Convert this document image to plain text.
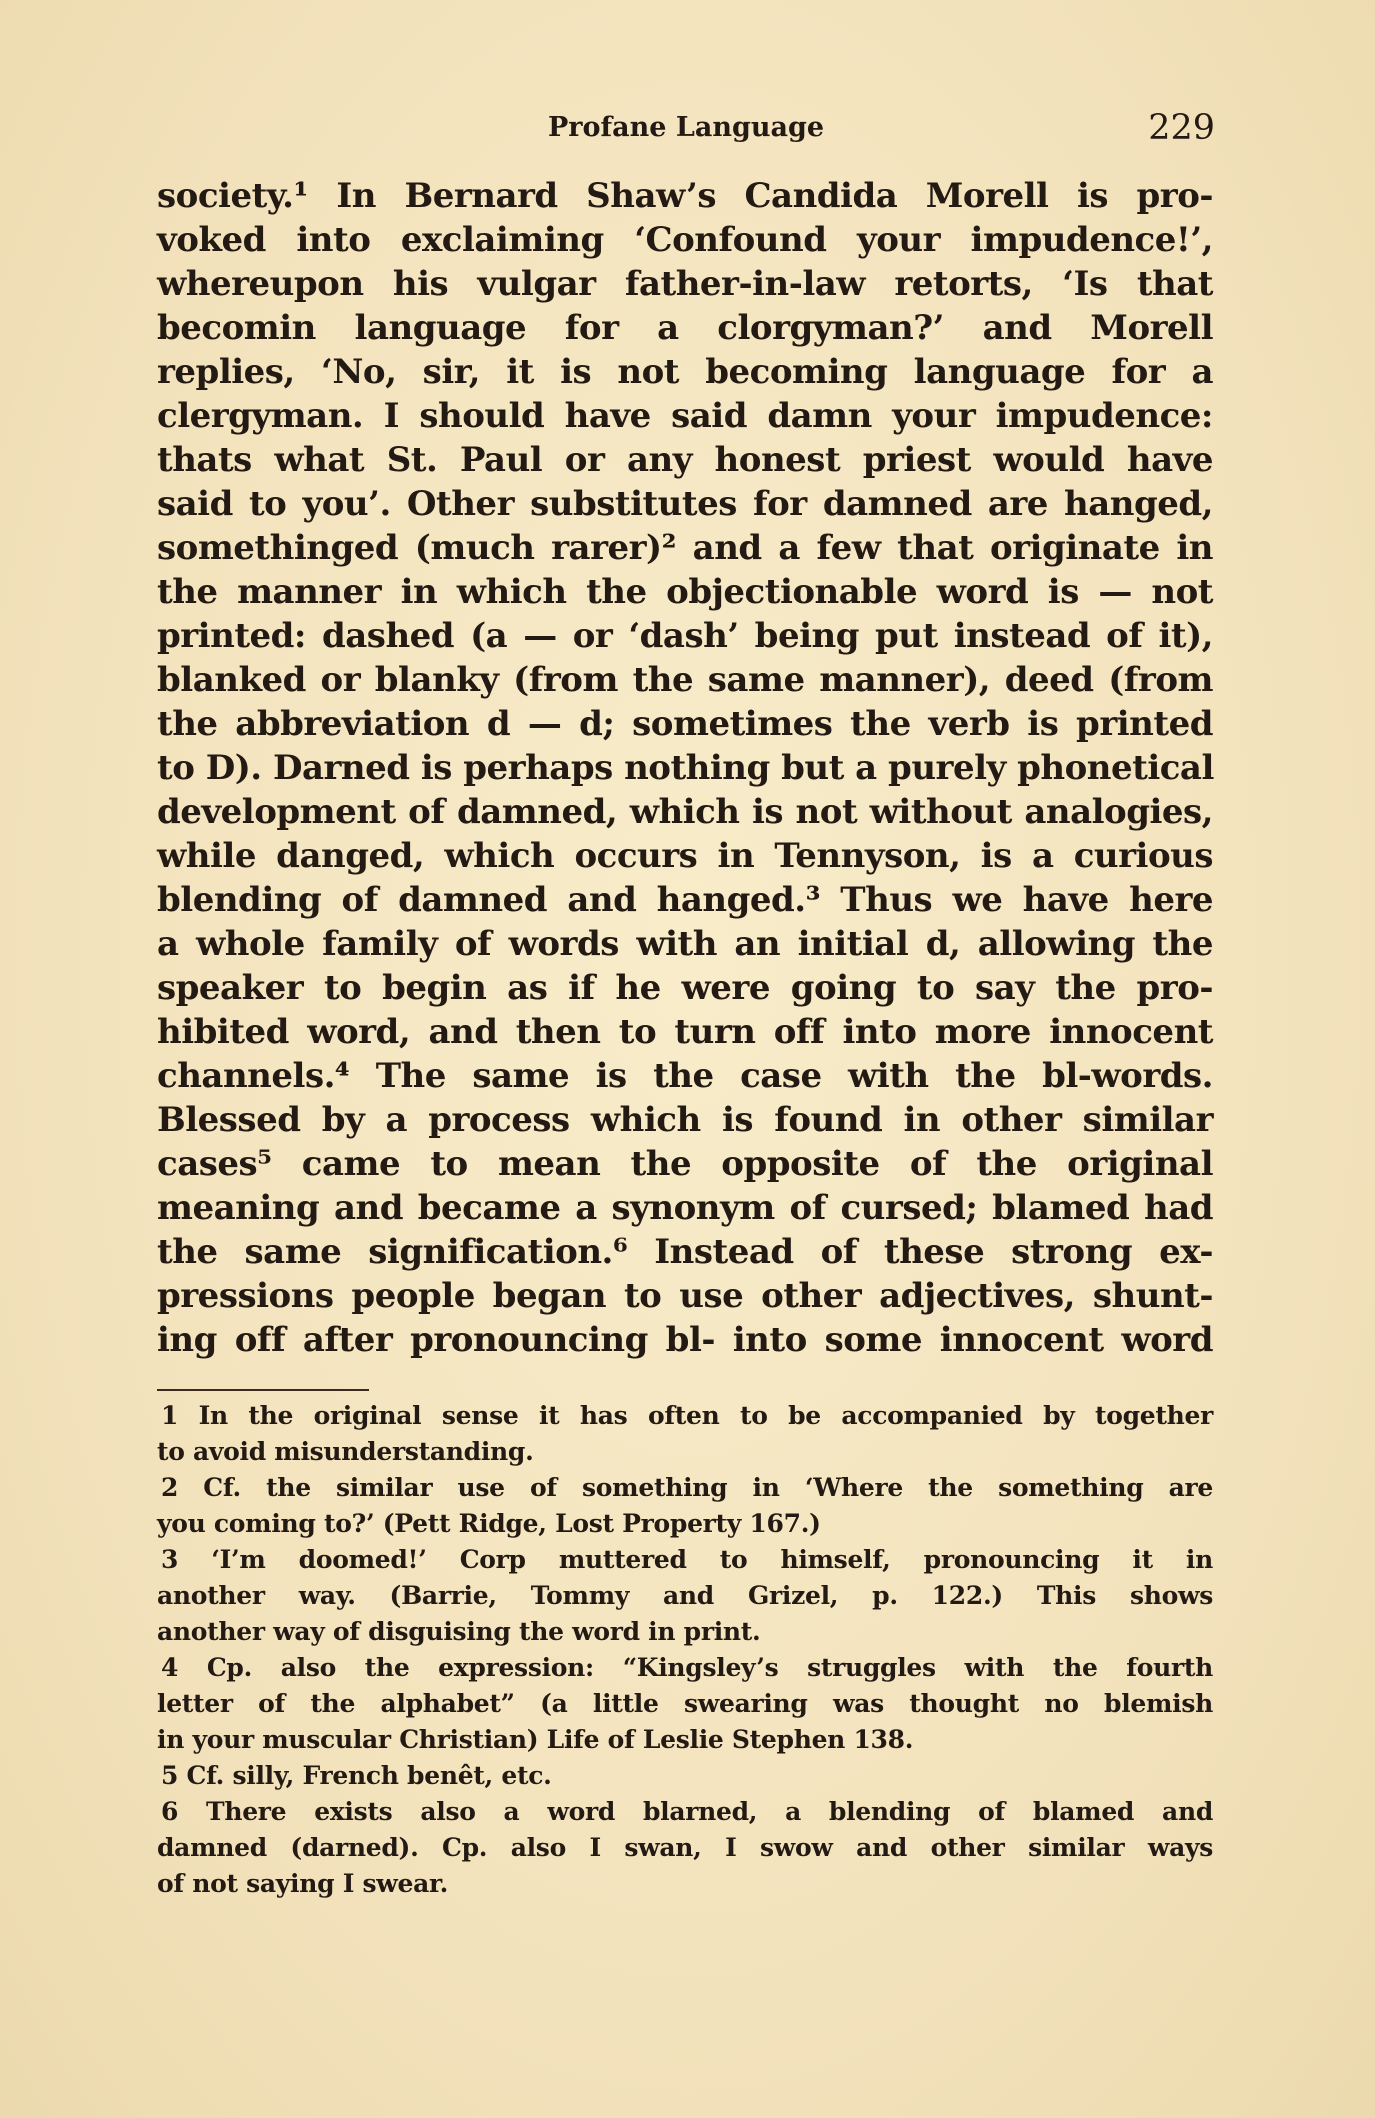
Profane Language	229
society.¹ In Bernard Shaw’s Candida Morell is pro-
voked into exclaiming ‘Confound your impudence!’,
whereupon his vulgar father-in-law retorts, ‘Is that
becomin language for a clorgyman?’ and Morell
replies, ‘No, sir, it is not becoming language for a
clergyman. I should have said damn your impudence:
thats what St. Paul or any honest priest would have
said to you’. Other substitutes for damned are hanged,
somethinged (much rarer)² and a few that originate in
the manner in which the objectionable word is — not
printed: dashed (a — or ‘dash’ being put instead of it),
blanked or blanky (from the same manner), deed (from
the abbreviation d — d; sometimes the verb is printed
to D). Darned is perhaps nothing but a purely phonetical
development of damned, which is not without analogies,
while danged, which occurs in Tennyson, is a curious
blending of damned and hanged.³ Thus we have here
a whole family of words with an initial d, allowing the
speaker to begin as if he were going to say the pro-
hibited word, and then to turn off into more innocent
channels.⁴ The same is the case with the bl-words.
Blessed by a process which is found in other similar
cases⁵ came to mean the opposite of the original
meaning and became a synonym of cursed; blamed had
the same signification.⁶ Instead of these strong ex-
pressions people began to use other adjectives, shunt-
ing off after pronouncing bl- into some innocent word
1 In the original sense it has often to be accompanied by together
to avoid misunderstanding.
2 Cf. the similar use of something in ‘Where the something are
you coming to?’ (Pett Ridge, Lost Property 167.)
3 ‘I’m doomed!’ Corp muttered to himself, pronouncing it in
another way. (Barrie, Tommy and Grizel, p. 122.) This shows
another way of disguising the word in print.
4 Cp. also the expression: “Kingsley’s struggles with the fourth
letter of the alphabet” (a little swearing was thought no blemish
in your muscular Christian) Life of Leslie Stephen 138.
5 Cf. silly, French benêt, etc.
6 There exists also a word blarned, a blending of blamed and
damned (darned). Cp. also I swan, I swow and other similar ways
of not saying I swear.
